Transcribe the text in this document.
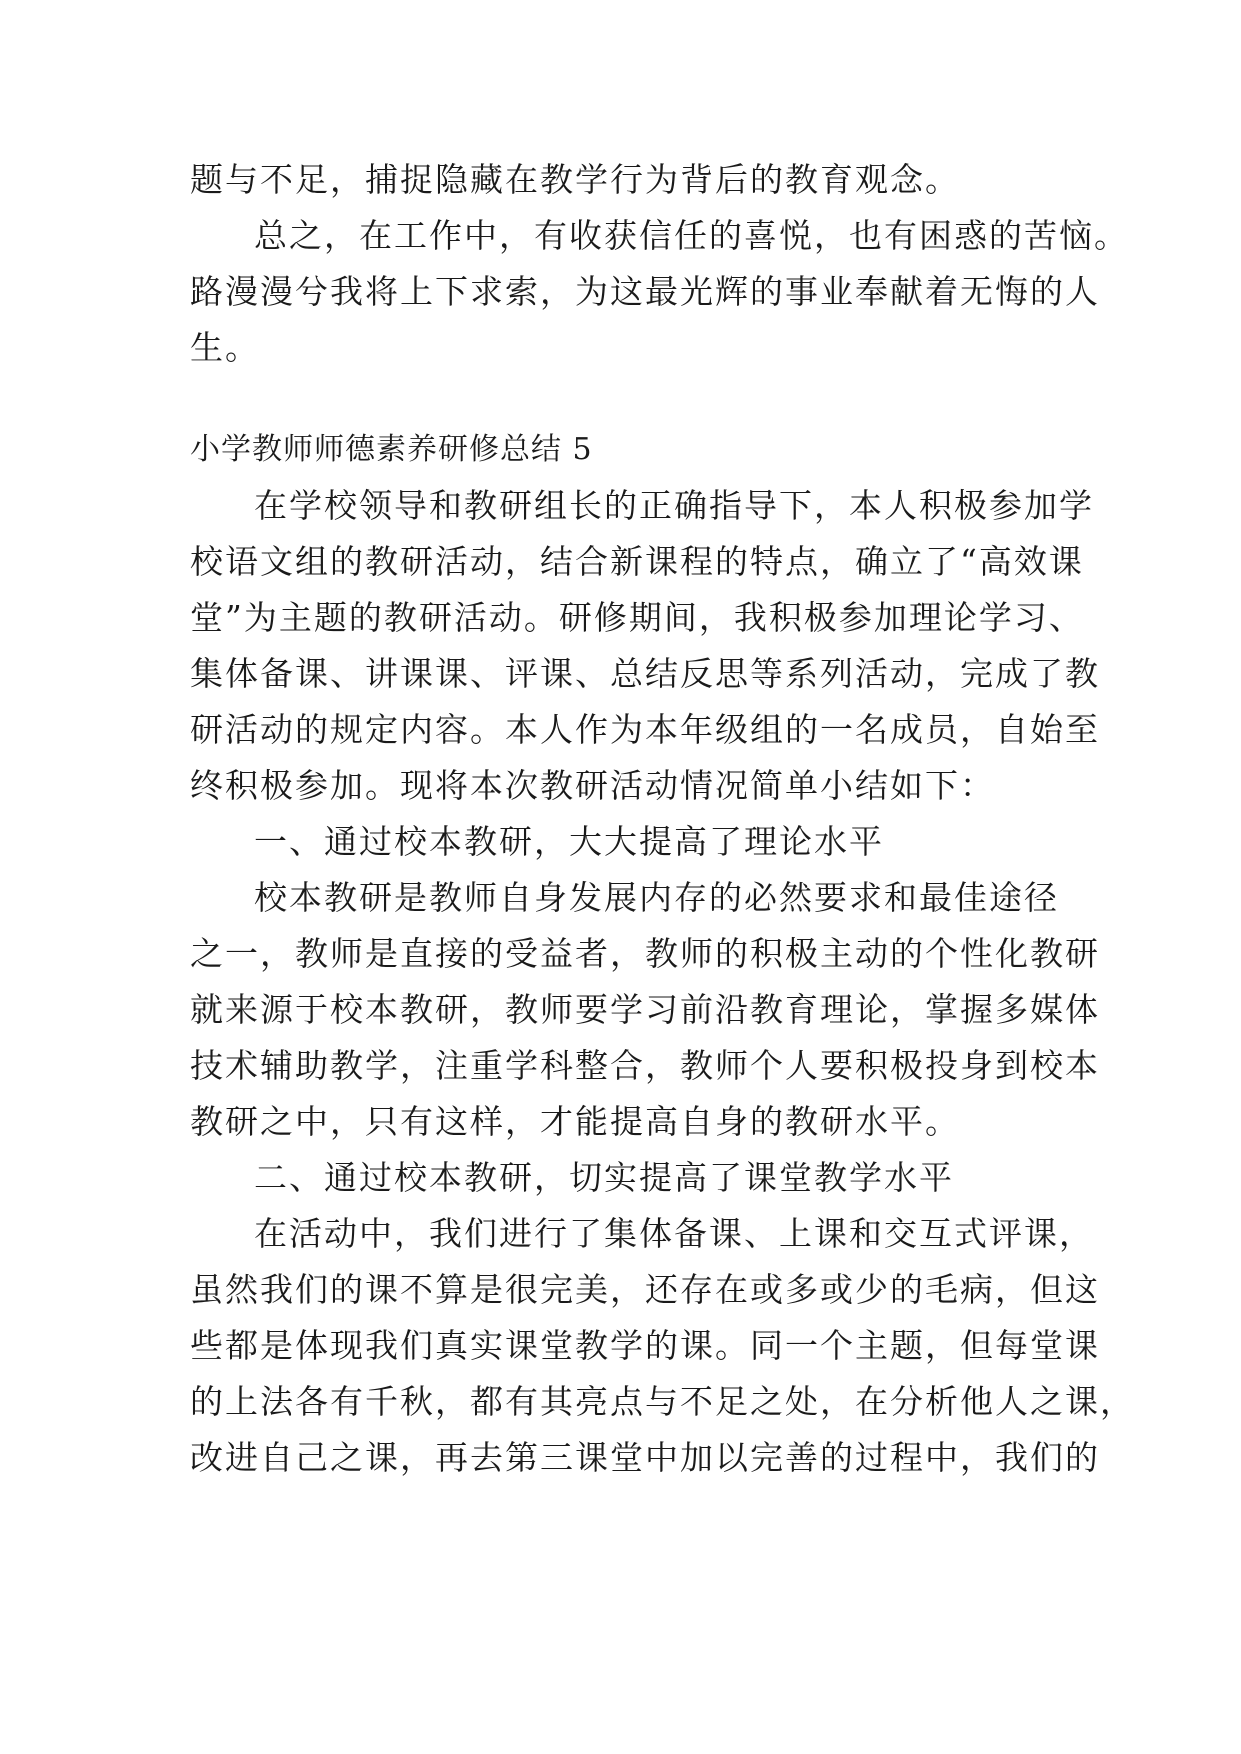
题与不足，捕捉隐藏在教学行为背后的教育观念。
总之，在工作中，有收获信任的喜悦，也有困惑的苦恼。
路漫漫兮我将上下求索，为这最光辉的事业奉献着无悔的人
生。
小学教师师德素养研修总结 5
在学校领导和教研组长的正确指导下，本人积极参加学
校语文组的教研活动，结合新课程的特点，确立了“高效课
堂”为主题的教研活动。研修期间，我积极参加理论学习、
集体备课、讲课课、评课、总结反思等系列活动，完成了教
研活动的规定内容。本人作为本年级组的一名成员，自始至
终积极参加。现将本次教研活动情况简单小结如下：
一、通过校本教研，大大提高了理论水平
校本教研是教师自身发展内存的必然要求和最佳途径
之一，教师是直接的受益者，教师的积极主动的个性化教研
就来源于校本教研，教师要学习前沿教育理论，掌握多媒体
技术辅助教学，注重学科整合，教师个人要积极投身到校本
教研之中，只有这样，才能提高自身的教研水平。
二、通过校本教研，切实提高了课堂教学水平
在活动中，我们进行了集体备课、上课和交互式评课，
虽然我们的课不算是很完美，还存在或多或少的毛病，但这
些都是体现我们真实课堂教学的课。同一个主题，但每堂课
的上法各有千秋，都有其亮点与不足之处，在分析他人之课，
改进自己之课，再去第三课堂中加以完善的过程中，我们的
